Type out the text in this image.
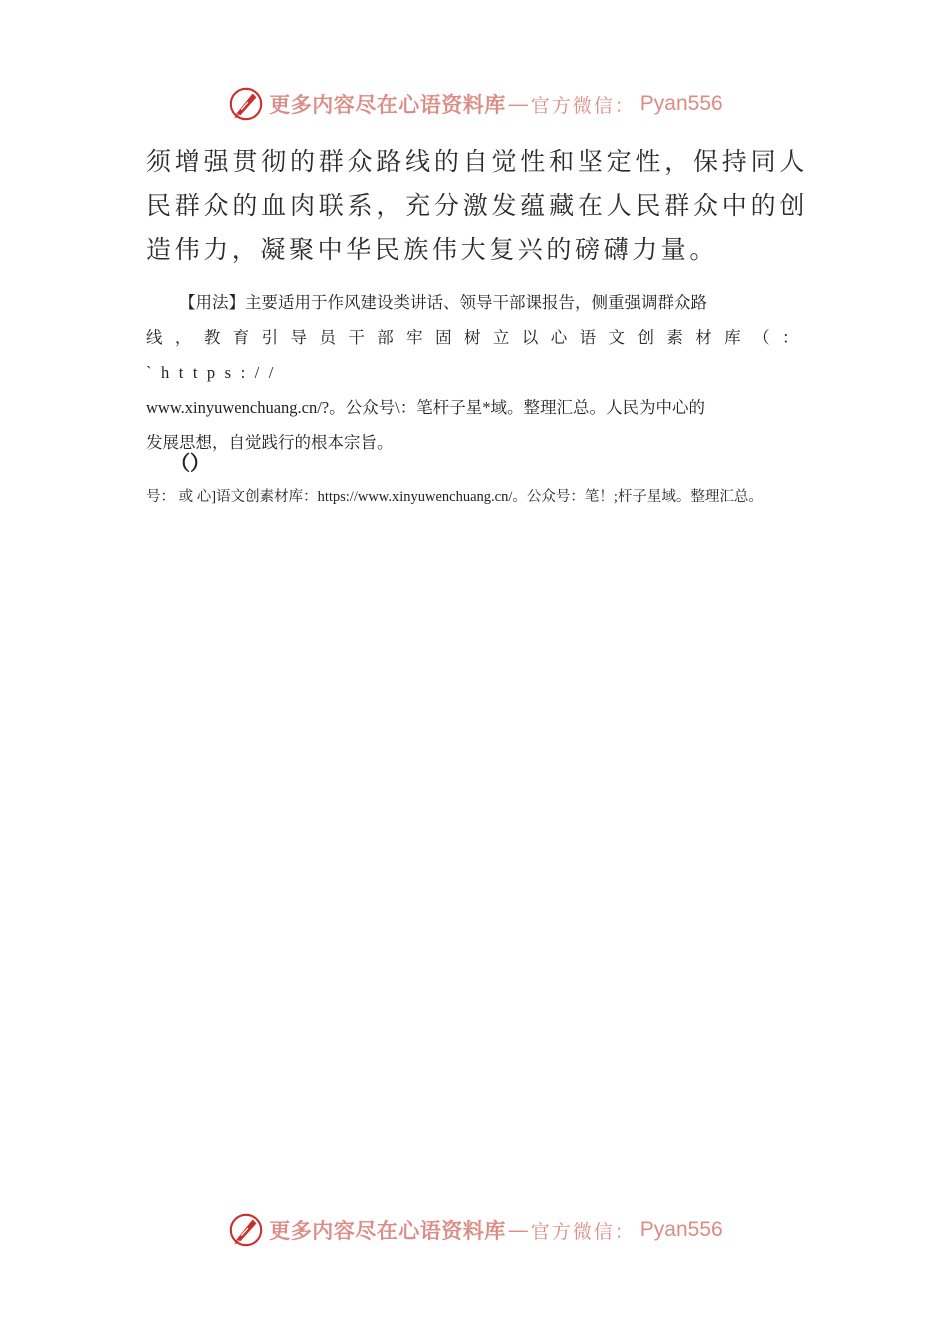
更多内容尽在心语资料库 — 官方微信： Pyan556

须增强贯彻的群众路线的自觉性和坚定性，保持同人民群众的血肉联系，充分激发蕴藏在人民群众中的创造伟力，凝聚中华民族伟大复兴的磅礴力量。

【用法】主要适用于作风建设类讲话、领导干部课报告，侧重强调群众路
线，教育引导员干部牢固树立以心语文创素材库（：`https://
www.xinyuwenchuang.cn/?。公众号\：笔杆子星*域。整理汇总。人民为中心的
发展思想，自觉践行的根本宗旨。

（）

号： 或 心]语文创素材库：https://www.xinyuwenchuang.cn/。公众号：笔！;杆子星域。整理汇总。

更多内容尽在心语资料库 — 官方微信： Pyan556
